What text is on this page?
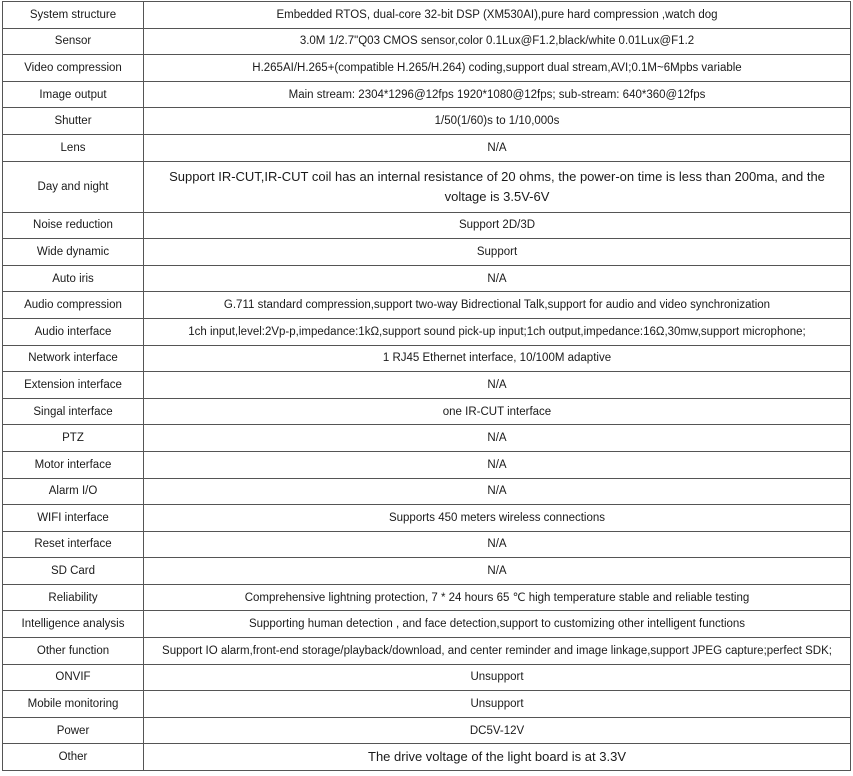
System structure	Embedded RTOS, dual-core 32-bit DSP (XM530AI),pure hard compression ,watch dog
Sensor	3.0M 1/2.7"Q03 CMOS sensor,color 0.1Lux@F1.2,black/white 0.01Lux@F1.2
Video compression	H.265AI/H.265+(compatible H.265/H.264) coding,support dual stream,AVI;0.1M~6Mpbs variable
Image output	Main stream: 2304*1296@12fps 1920*1080@12fps; sub-stream: 640*360@12fps
Shutter	1/50(1/60)s to 1/10,000s
Lens	N/A
Day and night	Support IR-CUT,IR-CUT coil has an internal resistance of 20 ohms, the power-on time is less than 200ma, and the voltage is 3.5V-6V
Noise reduction	Support 2D/3D
Wide dynamic	Support
Auto iris	N/A
Audio compression	G.711 standard compression,support two-way Bidrectional Talk,support for audio and video synchronization
Audio interface	1ch input,level:2Vp-p,impedance:1kΩ,support sound pick-up input;1ch output,impedance:16Ω,30mw,support microphone;
Network interface	1 RJ45 Ethernet interface, 10/100M adaptive
Extension interface	N/A
Singal interface	one IR-CUT interface
PTZ	N/A
Motor interface	N/A
Alarm I/O	N/A
WIFI interface	Supports 450 meters wireless connections
Reset interface	N/A
SD Card	N/A
Reliability	Comprehensive lightning protection, 7 * 24 hours 65 ℃ high temperature stable and reliable testing
Intelligence analysis	Supporting human detection , and face detection,support to customizing other intelligent functions
Other function	Support IO alarm,front-end storage/playback/download, and center reminder and image linkage,support JPEG capture;perfect SDK;
ONVIF	Unsupport
Mobile monitoring	Unsupport
Power	DC5V-12V
Other	The drive voltage of the light board is at 3.3V
